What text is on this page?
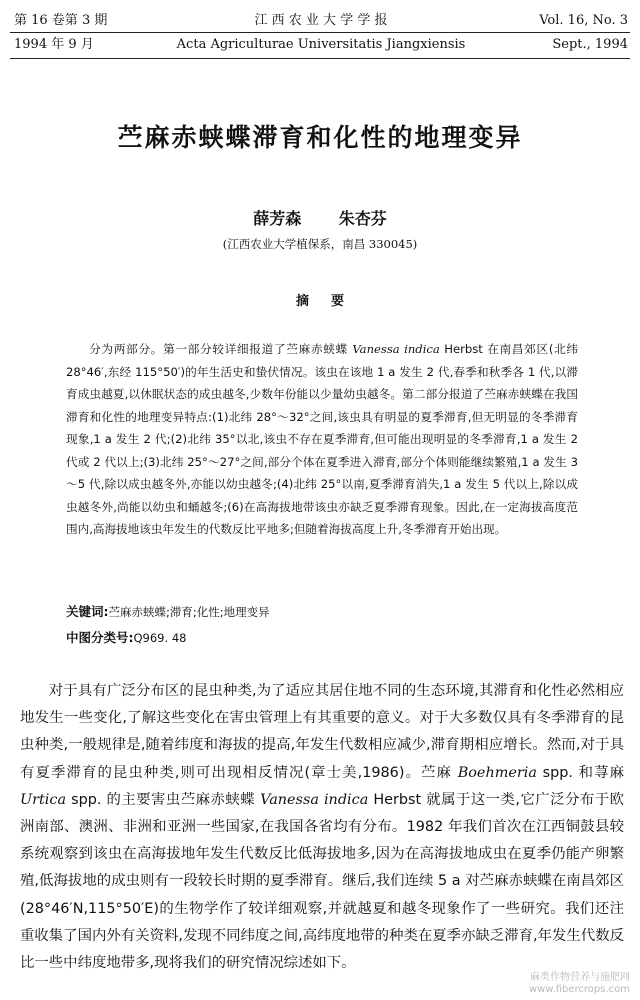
第 16 卷第 3 期	江 西 农 业 大 学 学 报	Vol. 16, No. 3
1994 年 9 月	Acta Agriculturae Universitatis Jiangxiensis	Sept., 1994
苎麻赤蛱蝶滞育和化性的地理变异
薛芳森 朱杏芬
(江西农业大学植保系，南昌 330045)
摘要
分为两部分。第一部分较详细报道了苎麻赤蛱蝶 Vanessa indica Herbst 在南昌郊区(北纬 28°46′,东经 115°50′)的年生活史和蛰伏情况。该虫在该地 1 a 发生 2 代,春季和秋季各 1 代,以滞育成虫越夏,以休眠状态的成虫越冬,少数年份能以少量幼虫越冬。第二部分报道了苎麻赤蛱蝶在我国滞育和化性的地理变异特点:(1)北纬 28°～32°之间,该虫具有明显的夏季滞育,但无明显的冬季滞育现象,1 a 发生 2 代;(2)北纬 35°以北,该虫不存在夏季滞育,但可能出现明显的冬季滞育,1 a 发生 2 代或 2 代以上;(3)北纬 25°～27°之间,部分个体在夏季进入滞育,部分个体则能继续繁殖,1 a 发生 3～5 代,除以成虫越冬外,亦能以幼虫越冬;(4)北纬 25°以南,夏季滞育消失,1 a 发生 5 代以上,除以成虫越冬外,尚能以幼虫和蛹越冬;(6)在高海拔地带该虫亦缺乏夏季滞育现象。因此,在一定海拔高度范围内,高海拔地该虫年发生的代数反比平地多;但随着海拔高度上升,冬季滞育开始出现。
关键词:苎麻赤蛱蝶;滞育;化性;地理变异
中图分类号:Q969. 48
对于具有广泛分布区的昆虫种类,为了适应其居住地不同的生态环境,其滞育和化性必然相应地发生一些变化,了解这些变化在害虫管理上有其重要的意义。对于大多数仅具有冬季滞育的昆虫种类,一般规律是,随着纬度和海拔的提高,年发生代数相应减少,滞育期相应增长。然而,对于具有夏季滞育的昆虫种类,则可出现相反情况(章士美,1986)。苎麻 Boehmeria spp. 和荨麻 Urtica spp. 的主要害虫苎麻赤蛱蝶 Vanessa indica Herbst 就属于这一类,它广泛分布于欧洲南部、澳洲、非洲和亚洲一些国家,在我国各省均有分布。1982 年我们首次在江西铜鼓县较系统观察到该虫在高海拔地年发生代数反比低海拔地多,因为在高海拔地成虫在夏季仍能产卵繁殖,低海拔地的成虫则有一段较长时期的夏季滞育。继后,我们连续 5 a 对苎麻赤蛱蝶在南昌郊区(28°46′N,115°50′E)的生物学作了较详细观察,并就越夏和越冬现象作了一些研究。我们还注重收集了国内外有关资料,发现不同纬度之间,高纬度地带的种类在夏季亦缺乏滞育,年发生代数反比一些中纬度地带多,现将我们的研究情况综述如下。
麻类作物营养与施肥网
www.fibercrops.com
